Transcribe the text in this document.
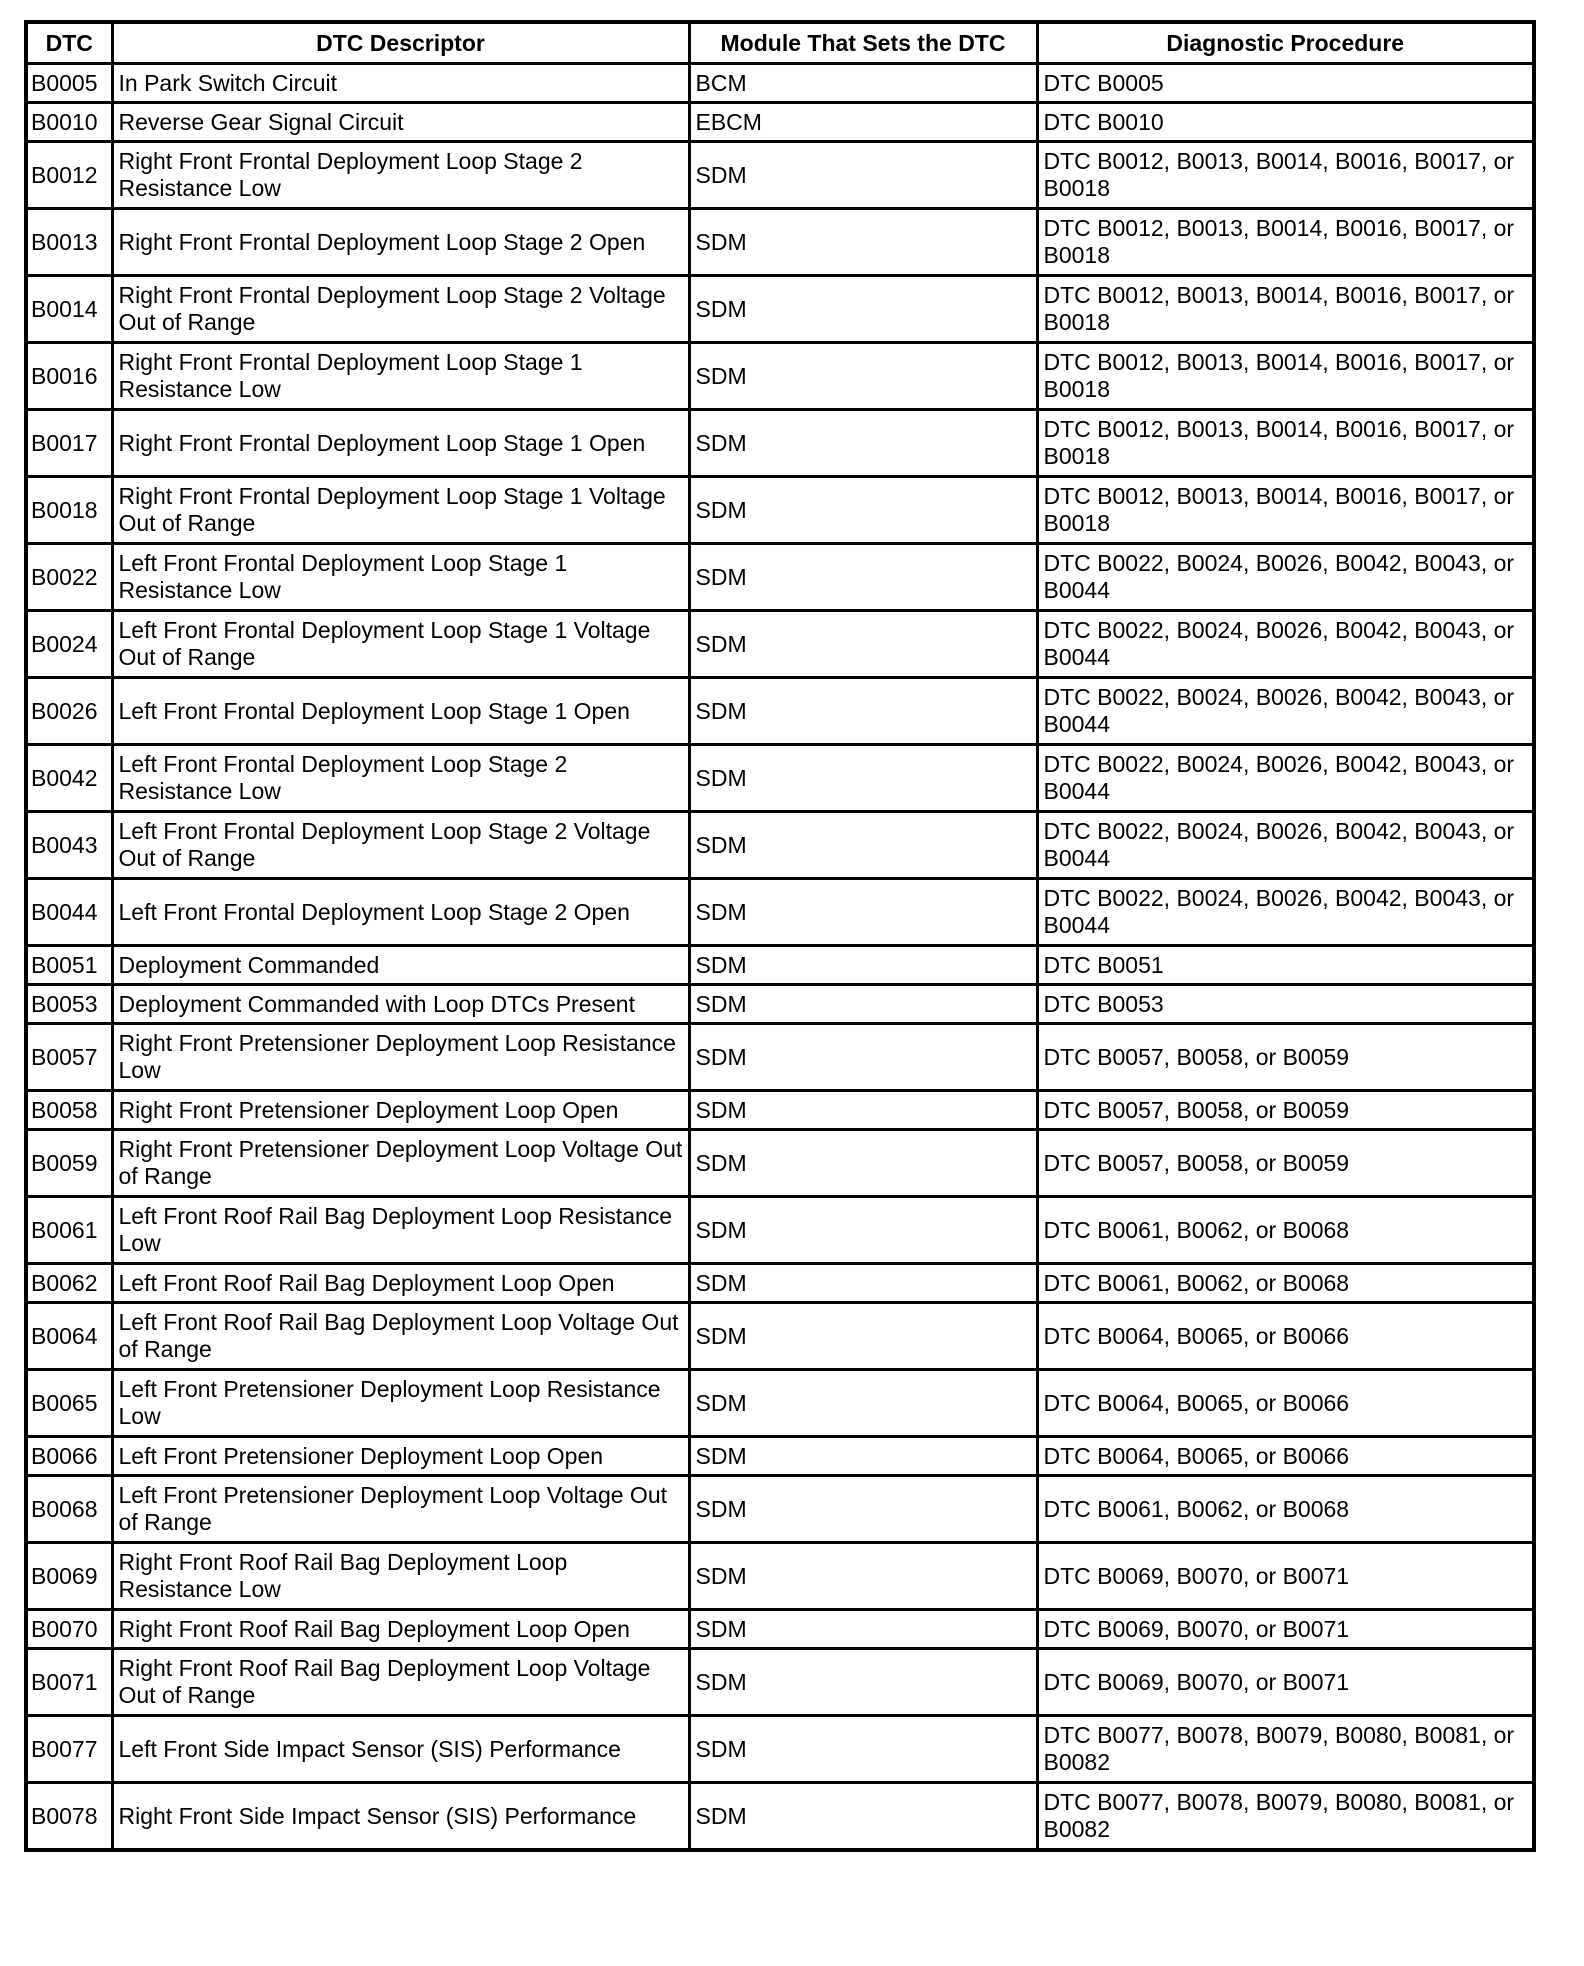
DTC	DTC Descriptor	Module That Sets the DTC	Diagnostic Procedure
B0005	In Park Switch Circuit	BCM	DTC B0005
B0010	Reverse Gear Signal Circuit	EBCM	DTC B0010
B0012	Right Front Frontal Deployment Loop Stage 2 Resistance Low	SDM	DTC B0012, B0013, B0014, B0016, B0017, or B0018
B0013	Right Front Frontal Deployment Loop Stage 2 Open	SDM	DTC B0012, B0013, B0014, B0016, B0017, or B0018
B0014	Right Front Frontal Deployment Loop Stage 2 Voltage Out of Range	SDM	DTC B0012, B0013, B0014, B0016, B0017, or B0018
B0016	Right Front Frontal Deployment Loop Stage 1 Resistance Low	SDM	DTC B0012, B0013, B0014, B0016, B0017, or B0018
B0017	Right Front Frontal Deployment Loop Stage 1 Open	SDM	DTC B0012, B0013, B0014, B0016, B0017, or B0018
B0018	Right Front Frontal Deployment Loop Stage 1 Voltage Out of Range	SDM	DTC B0012, B0013, B0014, B0016, B0017, or B0018
B0022	Left Front Frontal Deployment Loop Stage 1 Resistance Low	SDM	DTC B0022, B0024, B0026, B0042, B0043, or B0044
B0024	Left Front Frontal Deployment Loop Stage 1 Voltage Out of Range	SDM	DTC B0022, B0024, B0026, B0042, B0043, or B0044
B0026	Left Front Frontal Deployment Loop Stage 1 Open	SDM	DTC B0022, B0024, B0026, B0042, B0043, or B0044
B0042	Left Front Frontal Deployment Loop Stage 2 Resistance Low	SDM	DTC B0022, B0024, B0026, B0042, B0043, or B0044
B0043	Left Front Frontal Deployment Loop Stage 2 Voltage Out of Range	SDM	DTC B0022, B0024, B0026, B0042, B0043, or B0044
B0044	Left Front Frontal Deployment Loop Stage 2 Open	SDM	DTC B0022, B0024, B0026, B0042, B0043, or B0044
B0051	Deployment Commanded	SDM	DTC B0051
B0053	Deployment Commanded with Loop DTCs Present	SDM	DTC B0053
B0057	Right Front Pretensioner Deployment Loop Resistance Low	SDM	DTC B0057, B0058, or B0059
B0058	Right Front Pretensioner Deployment Loop Open	SDM	DTC B0057, B0058, or B0059
B0059	Right Front Pretensioner Deployment Loop Voltage Out of Range	SDM	DTC B0057, B0058, or B0059
B0061	Left Front Roof Rail Bag Deployment Loop Resistance Low	SDM	DTC B0061, B0062, or B0068
B0062	Left Front Roof Rail Bag Deployment Loop Open	SDM	DTC B0061, B0062, or B0068
B0064	Left Front Roof Rail Bag Deployment Loop Voltage Out of Range	SDM	DTC B0064, B0065, or B0066
B0065	Left Front Pretensioner Deployment Loop Resistance Low	SDM	DTC B0064, B0065, or B0066
B0066	Left Front Pretensioner Deployment Loop Open	SDM	DTC B0064, B0065, or B0066
B0068	Left Front Pretensioner Deployment Loop Voltage Out of Range	SDM	DTC B0061, B0062, or B0068
B0069	Right Front Roof Rail Bag Deployment Loop Resistance Low	SDM	DTC B0069, B0070, or B0071
B0070	Right Front Roof Rail Bag Deployment Loop Open	SDM	DTC B0069, B0070, or B0071
B0071	Right Front Roof Rail Bag Deployment Loop Voltage Out of Range	SDM	DTC B0069, B0070, or B0071
B0077	Left Front Side Impact Sensor (SIS) Performance	SDM	DTC B0077, B0078, B0079, B0080, B0081, or B0082
B0078	Right Front Side Impact Sensor (SIS) Performance	SDM	DTC B0077, B0078, B0079, B0080, B0081, or B0082
